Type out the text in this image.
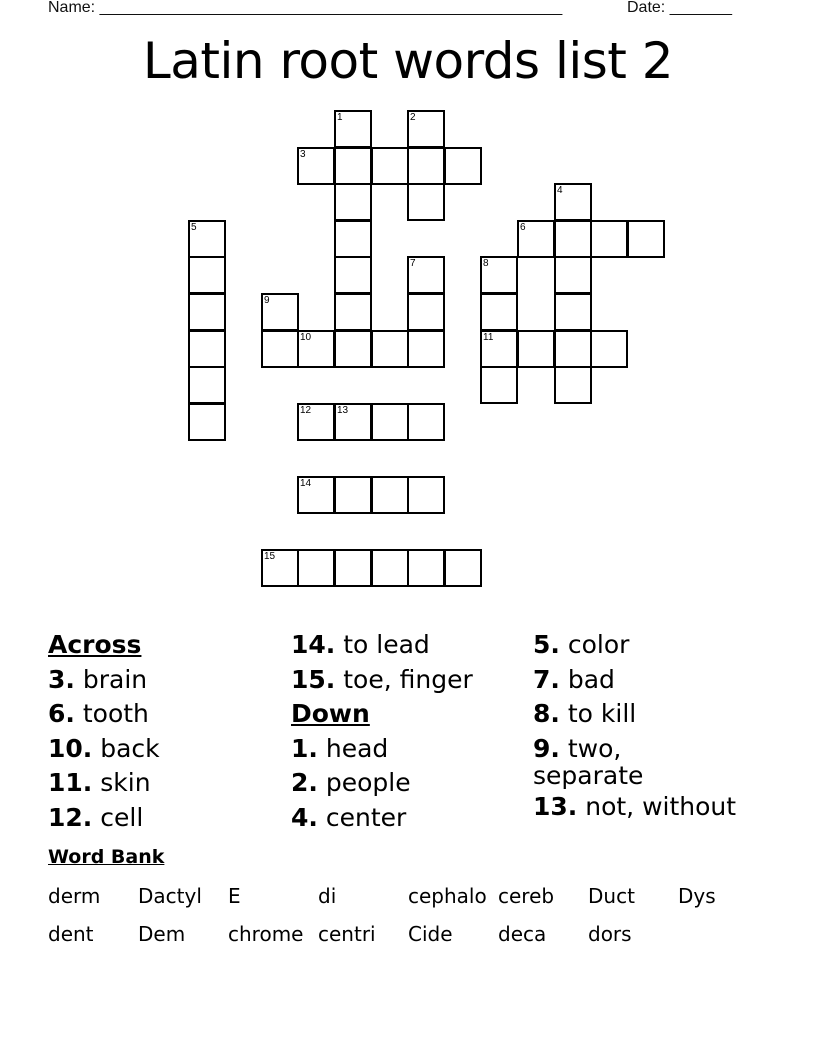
Name: ____________________________________________________	Date: _______
Latin root words list 2
1	2
3
4
5	6
7	8
9
10	11
12	13
14
15
Across
3. brain
6. tooth
10. back
11. skin
12. cell
14. to lead
15. toe, finger
Down
1. head
2. people
4. center
5. color
7. bad
8. to kill
9. two,
separate
13. not, without
Word Bank
derm Dactyl E	di	cephalo cereb Duct Dys
dent Dem chrome centri Cide deca dors
